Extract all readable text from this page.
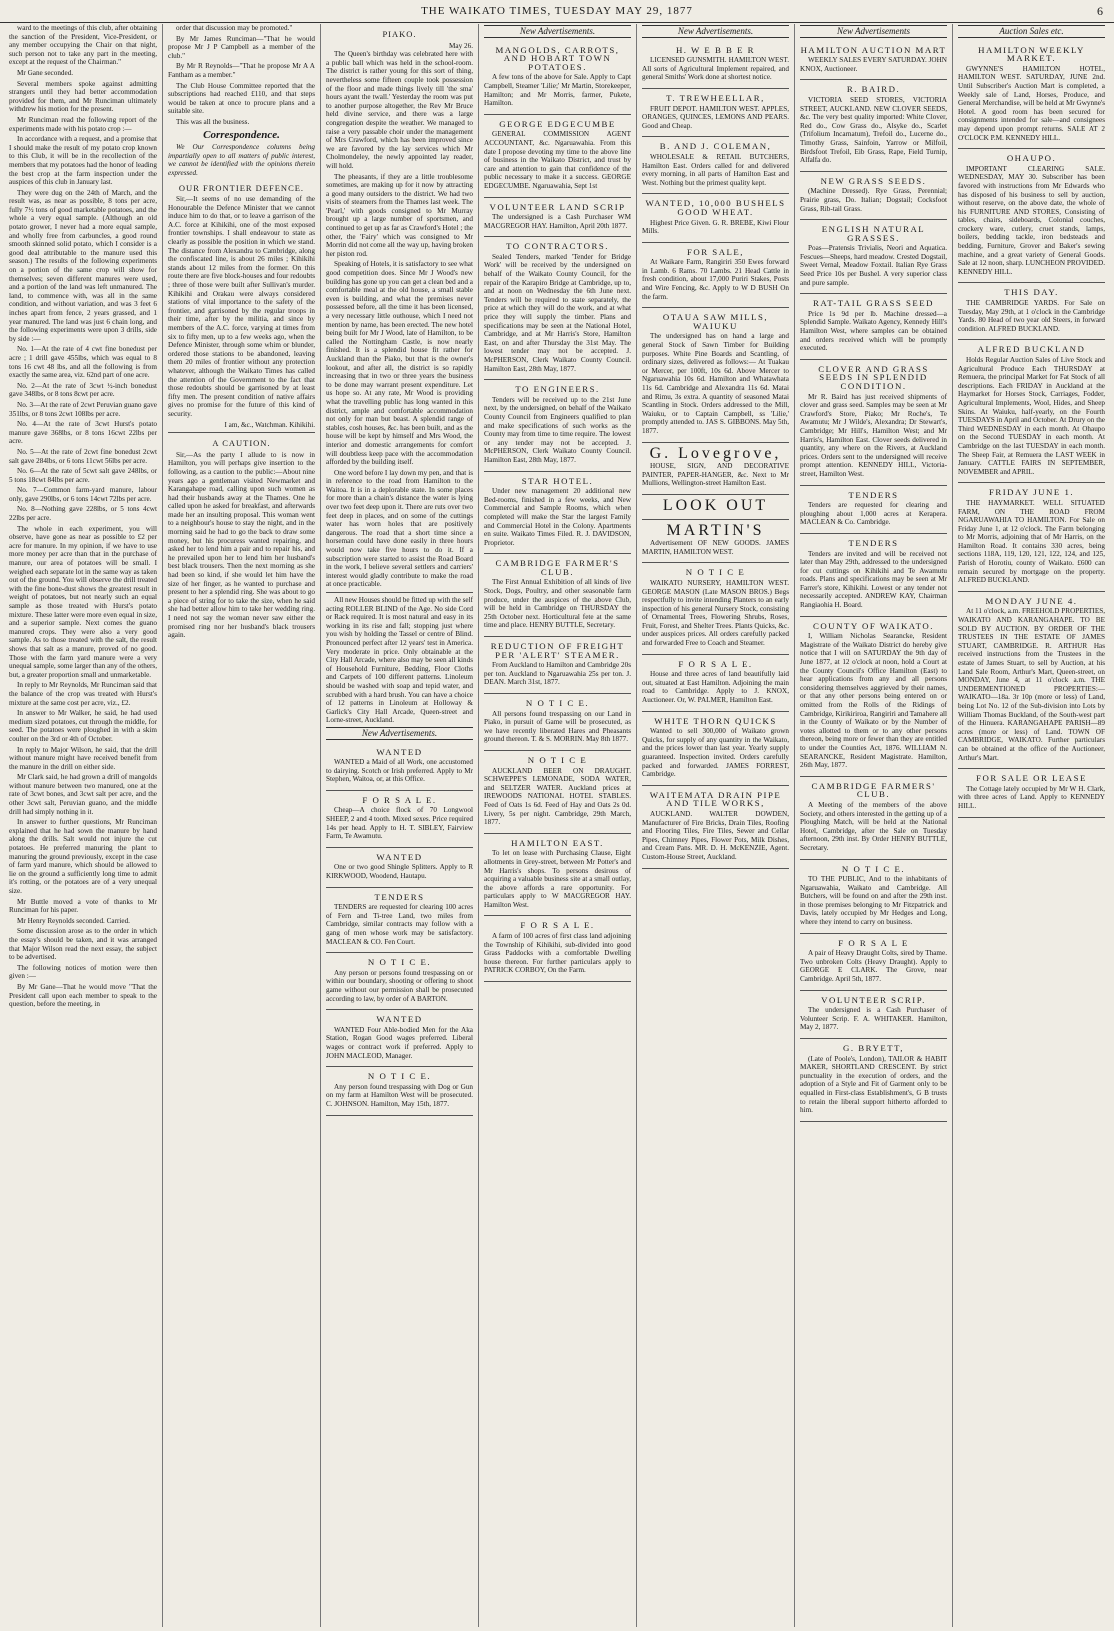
THE WAIKATO TIMES, TUESDAY MAY 29, 1877	6

ward to the meetings of this club, after obtaining the sanction of the President, Vice-President, or any member occupying the Chair on that night, such person not to take any part in the meeting, except at the request of the Chairman."

Mr Gane seconded.

Several members spoke against admitting strangers until they had better accommodation provided for them, and Mr Runciman ultimately withdrew his motion for the present.

Mr Runciman read the following report of the experiments made with his potato crop :—

In accordance with a request, and a promise that I should make the result of my potato crop known to this Club, it will be in the recollection of the members that my potatoes had the honor of leading the best crop at the farm inspection under the auspices of this club in January last.

They were dug on the 24th of March, and the result was, as near as possible, 8 tons per acre, fully 7½ tons of good marketable potatoes, and the whole a very equal sample. (Although an old potato grower, I never had a more equal sample, and wholly free from carbuncles, a good round smooth skinned solid potato, which I consider is a good deal attributable to the manure used this season.) The results of the following experiments on a portion of the same crop will show for themselves; seven different manures were used, and a portion of the land was left unmanured. The land, to commence with, was all in the same condition, and without variation, and was 3 feet 6 inches apart from fence, 2 years grassed, and 1 year manured. The land was just 6 chain long, and the following experiments were upon 3 drills, side by side :—

No. 1—At the rate of 4 cwt fine bonedust per acre ; 1 drill gave 455lbs, which was equal to 8 tons 16 cwt 48 lbs, and all the following is from exactly the same area, viz. 62nd part of one acre.

No. 2—At the rate of 3cwt ½-inch bonedust gave 348lbs, or 8 tons 8cwt per acre.

No. 3—At the rate of 2cwt Peruvian guano gave 351lbs, or 8 tons 2cwt 108lbs per acre.

No. 4—At the rate of 3cwt Hurst's potato manure gave 368lbs, or 8 tons 16cwt 22lbs per acre.

No. 5—At the rate of 2cwt fine bonedust 2cwt salt gave 284lbs, or 6 tons 11cwt 56lbs per acre.

No. 6—At the rate of 5cwt salt gave 248lbs, or 5 tons 18cwt 84lbs per acre.

No. 7—Common farm-yard manure, labour only, gave 290lbs, or 6 tons 14cwt 72lbs per acre.

No. 8—Nothing gave 228lbs, or 5 tons 4cwt 22lbs per acre.

The whole in each experiment, you will observe, have gone as near as possible to £2 per acre for manure. In my opinion, if we have to use more money per acre than that in the purchase of manure, our area of potatoes will be small. I weighed each separate lot in the same way as taken out of the ground. You will observe the drill treated with the fine bone-dust shows the greatest result in weight of potatoes, but not nearly such an equal sample as those treated with Hurst's potato mixture. These latter were more even equal in size, and a superior sample. Next comes the guano manured crops. They were also a very good sample. As to those treated with the salt, the result shows that salt as a manure, proved of no good. Those with the farm yard manure were a very unequal sample, some larger than any of the others, but, a greater proportion small and unmarketable.

In reply to Mr Reynolds, Mr Runciman said that the balance of the crop was treated with Hurst's mixture at the same cost per acre, viz., £2.

In answer to Mr Walker, he said, he had used medium sized potatoes, cut through the middle, for seed. The potatoes were ploughed in with a skim coulter on the 3rd or 4th of October.

In reply to Major Wilson, he said, that the drill without manure might have received benefit from the manure in the drill on either side.

Mr Clark said, he had grown a drill of mangolds without manure between two manured, one at the rate of 3cwt bones, and 3cwt salt per acre, and the other 3cwt salt, Peruvian guano, and the middle drill had simply nothing in it.

In answer to further questions, Mr Runciman explained that he had sown the manure by hand along the drills. Salt would not injure the cut potatoes. He preferred manuring the plant to manuring the ground previously, except in the case of farm yard manure, which should be allowed to lie on the ground a sufficiently long time to admit it's rotting, or the potatoes are of a very unequal size.

Mr Buttle moved a vote of thanks to Mr Runciman for his paper.

Mr Henry Reynolds seconded. Carried.

Some discussion arose as to the order in which the essay's should be taken, and it was arranged that Major Wilson read the next essay, the subject to be advertised.

The following notices of motion were then given :—

By Mr Gane—That he would move "That the President call upon each member to speak to the question, before the meeting, in

order that discussion may be promoted."

By Mr James Runciman—"That he would propose Mr J P Campbell as a member of the club."

By Mr R Reynolds—"That he propose Mr A A Fantham as a member."

The Club House Committee reported that the subscriptions had reached £110, and that steps would be taken at once to procure plans and a suitable site.

This was all the business.

Correspondence.

We Our Correspondence columns being impartially open to all matters of public interest, we cannot be identified with the opinions therein expressed.

OUR FRONTIER DEFENCE.

Sir,—It seems of no use demanding of the Honourable the Defence Minister that we cannot induce him to do that, or to leave a garrison of the A.C. force at Kihikihi, one of the most exposed frontier townships. I shall endeavour to state as clearly as possible the position in which we stand. The distance from Alexandra to Cambridge, along the confiscated line, is about 26 miles ; Kihikihi stands about 12 miles from the former. On this route there are five block-houses and four redoubts ; three of those were built after Sullivan's murder. Kihikihi and Orakau were always considered stations of vital importance to the safety of the frontier, and garrisoned by the regular troops in their time, after by the militia, and since by members of the A.C. force, varying at times from six to fifty men, up to a few weeks ago, when the Defence Minister, through some whim or blunder, ordered those stations to be abandoned, leaving them 20 miles of frontier without any protection whatever, although the Waikato Times has called the attention of the Government to the fact that those redoubts should be garrisoned by at least fifty men. The present condition of native affairs gives no promise for the future of this kind of security.

I am, &c., Watchman. Kihikihi.

A CAUTION.

Sir,—As the party I allude to is now in Hamilton, you will perhaps give insertion to the following, as a caution to the public:—About nine years ago a gentleman visited Newmarket and Karangahape road, calling upon such women as had their husbands away at the Thames. One he called upon he asked for breakfast, and afterwards made her an insulting proposal. This woman went to a neighbour's house to stay the night, and in the morning said he had to go the back to draw some money, but his procuress wanted repairing, and asked her to lend him a pair and to repair his, and he prevailed upon her to lend him her husband's best black trousers. Then the next morning as she had been so kind, if she would let him have the size of her finger, as he wanted to purchase and present to her a splendid ring. She was about to go a piece of string for to take the size, when he said she had better allow him to take her wedding ring. I need not say the woman never saw either the promised ring nor her husband's black trousers again.

PIAKO.
May 26.

The Queen's birthday was celebrated here with a public ball which was held in the school-room. The district is rather young for this sort of thing, nevertheless some fifteen couple took possession of the floor and made things lively till 'the sma' hours ayant the twall.' Yesterday the room was put to another purpose altogether, the Rev Mr Bruce held divine service, and there was a large congregation despite the weather. We managed to raise a very passable choir under the management of Mrs Crawford, which has been improved since we are favored by the lay services which Mr Cholmondeley, the newly appointed lay reader, will hold.

The pheasants, if they are a little troublesome sometimes, are making up for it now by attracting a good many outsiders to the district. We had two visits of steamers from the Thames last week. The 'Pearl,' with goods consigned to Mr Murray brought up a large number of sportsmen, and continued to get up as far as Crawford's Hotel ; the other, the 'Fairy' which was consigned to Mr Morrin did not come all the way up, having broken her piston rod.

Speaking of Hotels, it is satisfactory to see what good competition does. Since Mr J Wood's new building has gone up you can get a clean bed and a comfortable meal at the old house, a small stable even is building, and what the premises never possessed before, all the time it has been licensed, a very necessary little outhouse, which I need not mention by name, has been erected. The new hotel being built for Mr J Wood, late of Hamilton, to be called the Nottingham Castle, is now nearly finished. It is a splendid house fit rather for Auckland than the Piako, but that is the owner's lookout, and after all, the district is so rapidly increasing that in two or three years the business to be done may warrant present expenditure. Let us hope so. At any rate, Mr Wood is providing what the travelling public has long wanted in this district, ample and comfortable accommodation not only for man but beast. A splendid range of stables, cosh houses, &c. has been built, and as the house will be kept by himself and Mrs Wood, the interior and domestic arrangements for comfort will doubtless keep pace with the accommodation afforded by the building itself.

One word before I lay down my pen, and that is in reference to the road from Hamilton to the Waitoa. It is in a deplorable state. In some places for more than a chain's distance the water is lying over two feet deep upon it. There are ruts over two feet deep in places, and on some of the cuttings water has worn holes that are positively dangerous. The road that a short time since a horseman could have done easily in three hours would now take five hours to do it. If a subscription were started to assist the Road Board in the work, I believe several settlers and carriers' interest would gladly contribute to make the road at once practicable.

All new Houses should be fitted up with the self acting ROLLER BLIND of the Age. No side Cord or Rack required. It is most natural and easy in its working in its rise and fall; stopping just where you wish by holding the Tassel or centre of Blind. Pronounced perfect after 12 years' test in America. Very moderate in price. Only obtainable at the City Hall Arcade, where also may be seen all kinds of Household Furniture, Bedding, Floor Cloths and Carpets of 100 different patterns. Linoleum should be washed with soap and tepid water, and scrubbed with a hard brush. You can have a choice of 12 patterns in Linoleum at Holloway & Garlick's City Hall Arcade, Queen-street and Lorne-street, Auckland.

New Advertisements.
WANTED

WANTED a Maid of all Work, one accustomed to dairying. Scotch or Irish preferred. Apply to Mr Stephen, Waitoa, or, at this Office.

F O R S A L E.

Cheap—A choice flock of 70 Longwool SHEEP, 2 and 4 tooth. Mixed sexes. Price required 14s per head. Apply to H. T. SIBLEY, Fairview Farm, Te Awamutu.

WANTED

One or two good Shingle Splitters. Apply to R KIRKWOOD, Woodend, Hautapu.

TENDERS

TENDERS are requested for clearing 100 acres of Fern and Ti-tree Land, two miles from Cambridge, similar contracts may follow with a gang of men whose work may be satisfactory. MACLEAN & CO. Fen Court.

N O T I C E.

Any person or persons found trespassing on or within our boundary, shooting or offering to shoot game without our permission shall be prosecuted according to law, by order of A BARTON.

WANTED

WANTED Four Able-bodied Men for the Aka Station, Rogan Good wages preferred. Liberal wages or contract work if preferred. Apply to JOHN MACLEOD, Manager.

N O T I C E.

Any person found trespassing with Dog or Gun on my farm at Hamilton West will be prosecuted. C. JOHNSON. Hamilton, May 15th, 1877.

New Advertisements.
MANGOLDS, CARROTS, AND HOBART TOWN POTATOES.

A few tons of the above for Sale. Apply to Capt Campbell, Steamer 'Lilie;' Mr Martin, Storekeeper, Hamilton; and Mr Morris, farmer, Pukete, Hamilton.

GEORGE EDGECUMBE

GENERAL COMMISSION AGENT ACCOUNTANT, &c. Ngaruawahia. From this date I propose devoting my time to the above line of business in the Waikato District, and trust by care and attention to gain that confidence of the public necessary to make it a success. GEORGE EDGECUMBE. Ngaruawahia, Sept 1st

VOLUNTEER LAND SCRIP

The undersigned is a Cash Purchaser WM MACGREGOR HAY. Hamilton, April 20th 1877.

TO CONTRACTORS.

Sealed Tenders, marked 'Tender for Bridge Work' will be received by the undersigned on behalf of the Waikato County Council, for the repair of the Karapiro Bridge at Cambridge, up to, and at noon on Wednesday the 6th June next. Tenders will be required to state separately, the price at which they will do the work, and at what price they will supply the timber. Plans and specifications may be seen at the National Hotel, Cambridge, and at Mr Harris's Store, Hamilton East, on and after Thursday the 31st May. The lowest tender may not be accepted. J. McPHERSON, Clerk Waikato County Council. Hamilton East, 28th May, 1877.

TO ENGINEERS.

Tenders will be received up to the 21st June next, by the undersigned, on behalf of the Waikato County Council from Engineers qualified to plan and make specifications of such works as the County may from time to time require. The lowest or any tender may not be accepted. J. McPHERSON, Clerk Waikato County Council. Hamilton East, 28th May, 1877.

STAR HOTEL.

Under new management 20 additional new Bed-rooms, finished in a few weeks, and New Commercial and Sample Rooms, which when completed will make the Star the largest Family and Commercial Hotel in the Colony. Apartments en suite. Waikato Times Filed. R. J. DAVIDSON, Proprietor.

CAMBRIDGE FARMER'S CLUB.

The First Annual Exhibition of all kinds of live Stock, Dogs, Poultry, and other seasonable farm produce, under the auspices of the above Club, will be held in Cambridge on THURSDAY the 25th October next. Horticultural fete at the same time and place. HENRY BUTTLE, Secretary.

REDUCTION OF FREIGHT PER 'ALERT' STEAMER.

From Auckland to Hamilton and Cambridge 20s per ton. Auckland to Ngaruawahia 25s per ton. J. DEAN. March 31st, 1877.

N O T I C E.

All persons found trespassing on our Land in Piako, in pursuit of Game will be prosecuted, as we have recently liberated Hares and Pheasants ground thereon. T. & S. MORRIN. May 8th 1877.

N O T I C E

AUCKLAND BEER ON DRAUGHT. SCHWEPPE'S LEMONADE, SODA WATER, and SELTZER WATER. Auckland prices at IREWOODS NATIONAL HOTEL STABLES. Feed of Oats 1s 6d. Feed of Hay and Oats 2s 0d. Livery, 5s per night. Cambridge, 29th March, 1877.

HAMILTON EAST.

To let on lease with Purchasing Clause, Eight allotments in Grey-street, between Mr Potter's and Mr Harris's shops. To persons desirous of acquiring a valuable business site at a small outlay, the above affords a rare opportunity. For particulars apply to W MACGREGOR HAY. Hamilton West.

F O R S A L E.

A farm of 100 acres of first class land adjoining the Township of Kihikihi, sub-divided into good Grass Paddocks with a comfortable Dwelling house thereon. For further particulars apply to PATRICK CORBOY, On the Farm.

New Advertisements.
H. W E B B E R

LICENSED GUNSMITH. HAMILTON WEST. All sorts of Agricultural Implement repaired, and general Smiths' Work done at shortest notice.

T. TREWHEELLAR,

FRUIT DEPOT. HAMILTON WEST. APPLES, ORANGES, QUINCES, LEMONS AND PEARS. Good and Cheap.

B. AND J. COLEMAN,

WHOLESALE & RETAIL BUTCHERS, Hamilton East. Orders called for and delivered every morning, in all parts of Hamilton East and West. Nothing but the primest quality kept.

WANTED, 10,000 BUSHELS GOOD WHEAT.

Highest Price Given. G. R. BREBE, Kiwi Flour Mills.

FOR SALE,

At Waikare Farm, Rangiriri 350 Ewes forward in Lamb. 6 Rams. 70 Lambs. 21 Head Cattle in fresh condition, about 17,000 Puriri Stakes, Posts and Wire Fencing, &c. Apply to W D BUSH On the farm.

OTAUA SAW MILLS, WAIUKU

The undersigned has on hand a large and general Stock of Sawn Timber for Building purposes. White Pine Boards and Scantling, of ordinary sizes, delivered as follows:— At Tuakau or Mercer, per 100ft, 10s 6d. Above Mercer to Ngaruawahia 10s 6d. Hamilton and Whatawhata 11s 6d. Cambridge and Alexandra 11s 6d. Matai and Rimu, 3s extra. A quantity of seasoned Matai Scantling in Stock. Orders addressed to the Mill, Waiuku, or to Captain Campbell, ss 'Lilie,' promptly attended to. JAS S. GIBBONS. May 5th, 1877.

G. Lovegrove,

HOUSE, SIGN, AND DECORATIVE PAINTER, PAPER-HANGER, &c. Next to Mr Mullions, Wellington-street Hamilton East.

LOOK OUT

MARTIN'S

Advertisement OF NEW GOODS. JAMES MARTIN, HAMILTON WEST.

N O T I C E

WAIKATO NURSERY, HAMILTON WEST. GEORGE MASON (Late MASON BROS.) Begs respectfully to invite intending Planters to an early inspection of his general Nursery Stock, consisting of Ornamental Trees, Flowering Shrubs, Roses, Fruit, Forest, and Shelter Trees. Plants Quicks, &c. under auspices prices. All orders carefully packed and forwarded Free to Coach and Steamer.

F O R S A L E.

House and three acres of land beautifully laid out, situated at East Hamilton. Adjoining the main road to Cambridge. Apply to J. KNOX, Auctioneer. Or, W. PALMER, Hamilton East.

WHITE THORN QUICKS

Wanted to sell 300,000 of Waikato grown Quicks, for supply of any quantity in the Waikato, and the prices lower than last year. Yearly supply guaranteed. Inspection invited. Orders carefully packed and forwarded. JAMES FORREST, Cambridge.

WAITEMATA DRAIN PIPE AND TILE WORKS,

AUCKLAND. WALTER DOWDEN, Manufacturer of Fire Bricks, Drain Tiles, Roofing and Flooring Tiles, Fire Tiles, Sewer and Cellar Pipes, Chimney Pipes, Flower Pots, Milk Dishes, and Cream Pans. MR. D. H. McKENZIE, Agent. Custom-House Street, Auckland.

New Advertisements
HAMILTON AUCTION MART

WEEKLY SALES EVERY SATURDAY. JOHN KNOX, Auctioneer.

R. BAIRD.

VICTORIA SEED STORES, VICTORIA STREET, AUCKLAND. NEW CLOVER SEEDS, &c. The very best quality imported: White Clover, Red do., Cow Grass do., Alsyke do., Scarlet (Trifolium Incarnatum), Trefoil do., Lucerne do., Timothy Grass, Sainfoin, Yarrow or Milfoil, Birdsfoot Trefoil, Eib Grass, Rape, Field Turnip, Alfalfa do.

NEW GRASS SEEDS.

(Machine Dressed). Rye Grass, Perennial; Prairie grass, Do. Italian; Dogstail; Cocksfoot Grass, Rib-tail Grass.

ENGLISH NATURAL GRASSES.

Poas—Pratensis Trivialis, Neori and Aquatica. Fescues—Sheeps, hard meadow. Crested Dogstail, Sweet Vernal, Meadow Foxtail. Italian Rye Grass Seed Price 10s per Bushel. A very superior class and pure sample.

RAT-TAIL GRASS SEED

Price 1s 9d per lb. Machine dressed—a Splendid Sample. Waikato Agency, Kennedy Hill's Hamilton West, where samples can be obtained and orders received which will be promptly executed.

CLOVER AND GRASS SEEDS IN SPLENDID CONDITION.

Mr R. Baird has just received shipments of clover and grass seed. Samples may be seen at Mr Crawford's Store, Piako; Mr Roche's, Te Awamutu; Mr J Wilde's, Alexandra; Dr Stewart's, Cambridge; Mr Hill's, Hamilton West; and Mr Harris's, Hamilton East. Clover seeds delivered in quantity, any where on the Rivers, at Auckland prices. Orders sent to the undersigned will receive prompt attention. KENNEDY HILL, Victoria-street, Hamilton West.

TENDERS

Tenders are requested for clearing and ploughing about 1,000 acres at Kerapera. MACLEAN & Co. Cambridge.

TENDERS

Tenders are invited and will be received not later than May 29th, addressed to the undersigned for cut cuttings on Kihikihi and Te Awamutu roads. Plans and specifications may be seen at Mr Farrer's store, Kihikihi. Lowest or any tender not necessarily accepted. ANDREW KAY, Chairman Rangiaohia H. Board.

COUNTY OF WAIKATO.

I, William Nicholas Searancke, Resident Magistrate of the Waikato District do hereby give notice that I will on SATURDAY the 9th day of June 1877, at 12 o'clock at noon, hold a Court at the County Council's Office Hamilton (East) to hear applications from any and all persons considering themselves aggrieved by their names, or that any other persons being entered on or omitted from the Rolls of the Ridings of Cambridge, Kirikiriroa, Rangiriri and Tamahere all in the County of Waikato or by the Number of votes allotted to them or to any other persons thereon, being more or fewer than they are entitled to under the Counties Act, 1876. WILLIAM N. SEARANCKE, Resident Magistrate. Hamilton, 26th May, 1877.

CAMBRIDGE FARMERS' CLUB.

A Meeting of the members of the above Society, and others interested in the getting up of a Ploughing Match, will be held at the National Hotel, Cambridge, after the Sale on Tuesday afternoon, 29th inst. By Order HENRY BUTTLE, Secretary.

N O T I C E.

TO THE PUBLIC, And to the inhabitants of Ngaruawahia, Waikato and Cambridge. All Butchers, will be found on and after the 29th inst. in those premises belonging to Mr Fitzpatrick and Davis, lately occupied by Mr Hedges and Long, where they intend to carry on business.

F O R S A L E

A pair of Heavy Draught Colts, sired by Thame. Two unbroken Colts (Heavy Draught). Apply to GEORGE E CLARK. The Grove, near Cambridge. April 5th, 1877.

VOLUNTEER SCRIP.

The undersigned is a Cash Purchaser of Volunteer Scrip. F. A. WHITAKER. Hamilton, May 2, 1877.

G. BRYETT,

(Late of Poole's, London), TAILOR & HABIT MAKER, SHORTLAND CRESCENT. By strict punctuality in the execution of orders, and the adoption of a Style and Fit of Garment only to be equalled in First-class Establishment's, G B trusts to retain the liberal support hitherto afforded to him.

Auction Sales etc.
HAMILTON WEEKLY MARKET.

GWYNNE'S HAMILTON HOTEL, HAMILTON WEST. SATURDAY, JUNE 2nd. Until Subscriber's Auction Mart is completed, a Weekly sale of Land, Horses, Produce, and General Merchandise, will be held at Mr Gwynne's Hotel. A good room has been secured for consignments intended for sale—and consignees may depend upon prompt returns. SALE AT 2 O'CLOCK P.M. KENNEDY HILL.

OHAUPO.

IMPORTANT CLEARING SALE. WEDNESDAY, MAY 30. Subscriber has been favored with instructions from Mr Edwards who has disposed of his business to sell by auction, without reserve, on the above date, the whole of his FURNITURE AND STORES, Consisting of tables, chairs, sideboards, Colonial couches, crockery ware, cutlery, cruet stands, lamps, boilers, bedding tackle, iron bedsteads and bedding, Furniture, Grover and Baker's sewing machine, and a great variety of General Goods. Sale at 12 noon, sharp. LUNCHEON PROVIDED. KENNEDY HILL.

THIS DAY.

THE CAMBRIDGE YARDS. For Sale on Tuesday, May 29th, at 1 o'clock in the Cambridge Yards. 80 Head of two year old Steers, in forward condition. ALFRED BUCKLAND.

ALFRED BUCKLAND

Holds Regular Auction Sales of Live Stock and Agricultural Produce Each THURSDAY at Remuera, the principal Market for Fat Stock of all descriptions. Each FRIDAY in Auckland at the Haymarket for Horses Stock, Carriages, Fodder, Agricultural Implements, Wool, Hides, and Sheep Skins. At Waiuku, half-yearly, on the Fourth TUESDAYS in April and October. At Drury on the Third WEDNESDAY in each month. At Ohaupo on the Second TUESDAY in each month. At Cambridge on the last TUESDAY in each month. The Sheep Fair, at Remuera the LAST WEEK in January. CATTLE FAIRS IN SEPTEMBER, NOVEMBER and APRIL.

FRIDAY JUNE 1.

THE HAYMARKET. WELL SITUATED FARM, ON THE ROAD FROM NGARUAWAHIA TO HAMILTON. For Sale on Friday June 1, at 12 o'clock. The Farm belonging to Mr Morris, adjoining that of Mr Harris, on the Hamilton Road. It contains 330 acres, being sections 118A, 119, 120, 121, 122, 124, and 125, Parish of Horotiu, county of Waikato. £600 can remain secured by mortgage on the property. ALFRED BUCKLAND.

MONDAY JUNE 4.

At 11 o'clock, a.m. FREEHOLD PROPERTIES, WAIKATO AND KARANGAHAPE. TO BE SOLD BY AUCTION. BY ORDER OF THE TRUSTEES IN THE ESTATE OF JAMES STUART, CAMBRIDGE. R. ARTHUR Has received instructions from the Trustees in the estate of James Stuart, to sell by Auction, at his Land Sale Room, Arthur's Mart, Queen-street, on MONDAY, June 4, at 11 o'clock a.m. THE UNDERMENTIONED PROPERTIES:— WAIKATO—18a. 3r 10p (more or less) of Land, being Lot No. 12 of the Sub-division into Lots by William Thomas Buckland, of the South-west part of the Hinuera. KARANGAHAPE PARISH—89 acres (more or less) of Land. TOWN OF CAMBRIDGE, WAIKATO. Further particulars can be obtained at the office of the Auctioneer, Arthur's Mart.

FOR SALE OR LEASE

The Cottage lately occupied by Mr W H. Clark, with three acres of Land. Apply to KENNEDY HILL.
